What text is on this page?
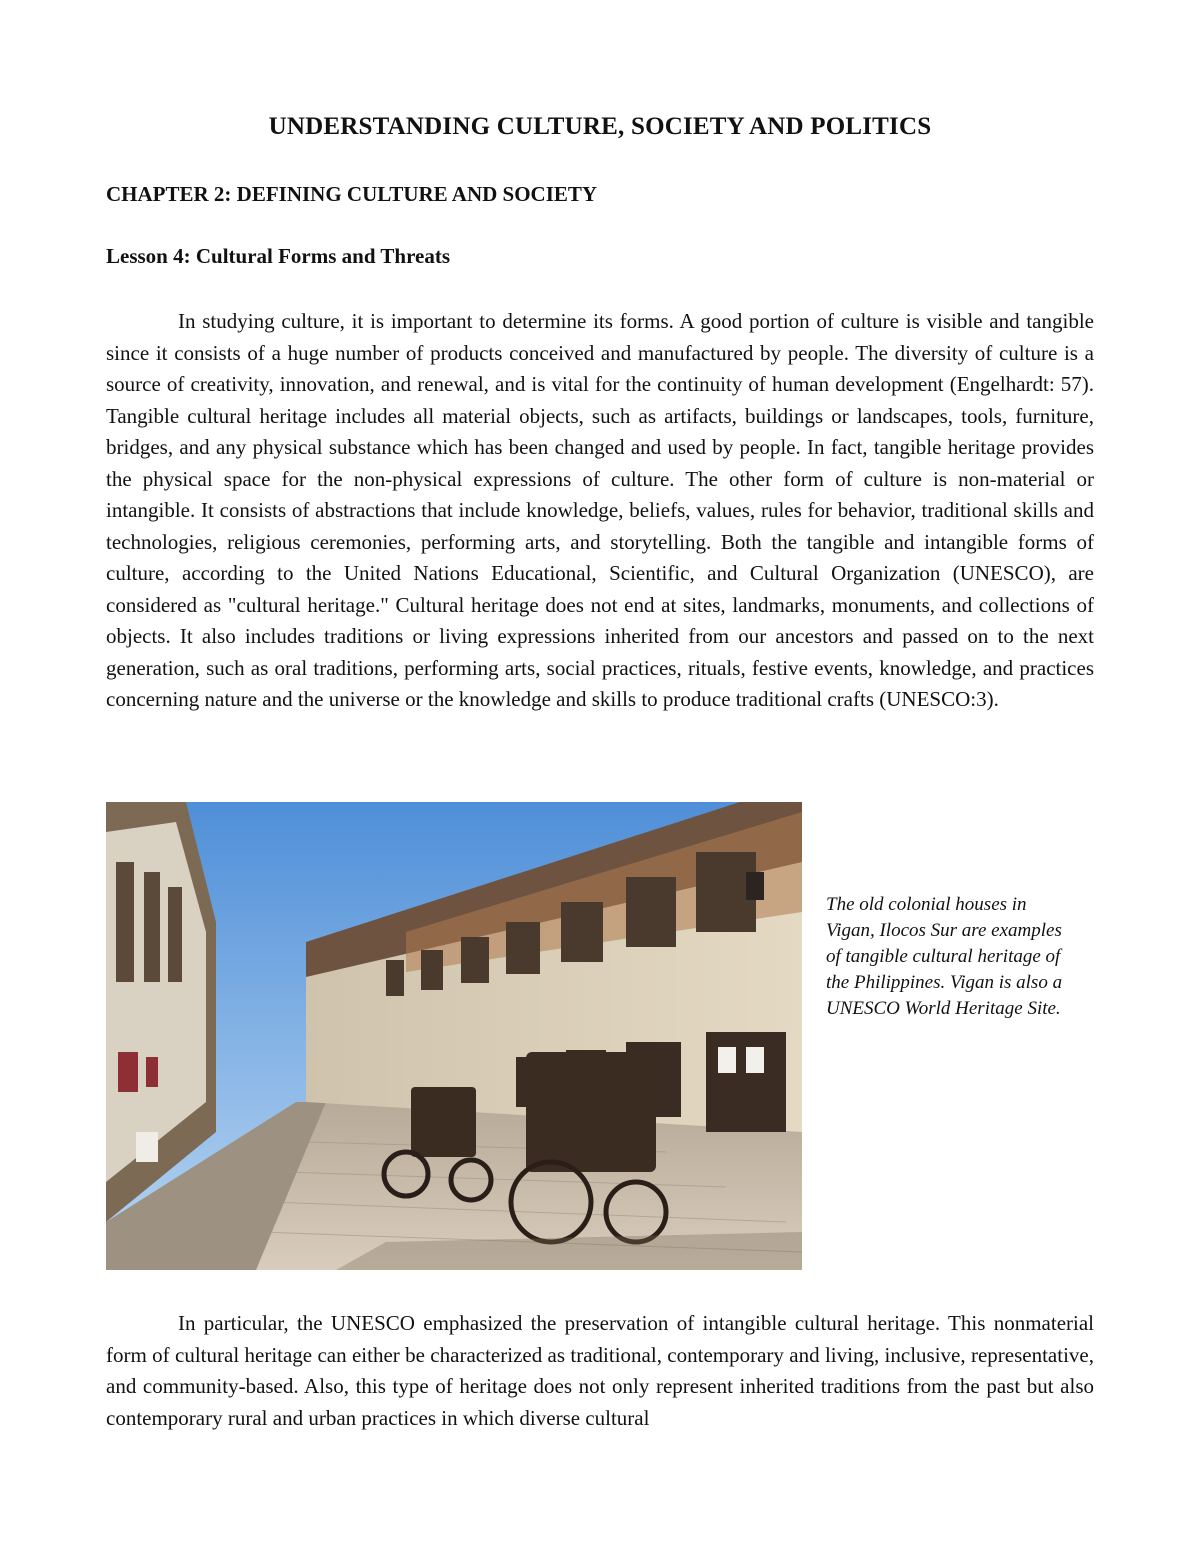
UNDERSTANDING CULTURE, SOCIETY AND POLITICS
CHAPTER 2: DEFINING CULTURE AND SOCIETY
Lesson 4: Cultural Forms and Threats

In studying culture, it is important to determine its forms. A good portion of culture is visible and tangible since it consists of a huge number of products conceived and manufactured by people. The diversity of culture is a source of creativity, innovation, and renewal, and is vital for the continuity of human development (Engelhardt: 57). Tangible cultural heritage includes all material objects, such as artifacts, buildings or landscapes, tools, furniture, bridges, and any physical substance which has been changed and used by people. In fact, tangible heritage provides the physical space for the non-physical expressions of culture. The other form of culture is non-material or intangible. It consists of abstractions that include knowledge, beliefs, values, rules for behavior, traditional skills and technologies, religious ceremonies, performing arts, and storytelling. Both the tangible and intangible forms of culture, according to the United Nations Educational, Scientific, and Cultural Organization (UNESCO), are considered as "cultural heritage." Cultural heritage does not end at sites, landmarks, monuments, and collections of objects. It also includes traditions or living expressions inherited from our ancestors and passed on to the next generation, such as oral traditions, performing arts, social practices, rituals, festive events, knowledge, and practices concerning nature and the universe or the knowledge and skills to produce traditional crafts (UNESCO:3).

The old colonial houses in Vigan, Ilocos Sur are examples of tangible cultural heritage of the Philippines. Vigan is also a UNESCO World Heritage Site.

In particular, the UNESCO emphasized the preservation of intangible cultural heritage. This nonmaterial form of cultural heritage can either be characterized as traditional, contemporary and living, inclusive, representative, and community-based. Also, this type of heritage does not only represent inherited traditions from the past but also contemporary rural and urban practices in which diverse cultural
